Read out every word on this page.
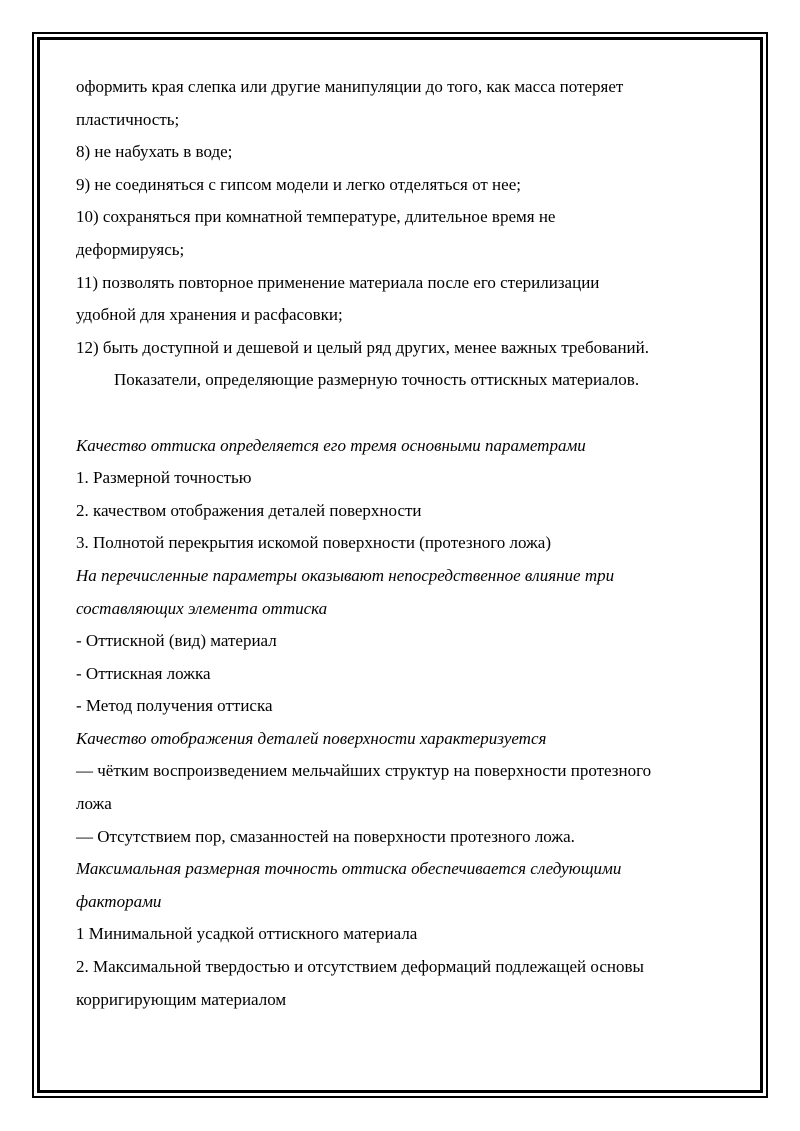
оформить края слепка или другие манипуляции до того, как масса потеряет

пластичность;

8) не набухать в воде;

9) не соединяться с гипсом модели и легко отделяться от нее;

10) сохраняться при комнатной температуре, длительное время не

деформируясь;

11) позволять повторное применение материала после его стерилизации

удобной для хранения и расфасовки;

12) быть доступной и дешевой и целый ряд других, менее важных требований.

Показатели, определяющие размерную точность оттискных материалов.

Качество оттиска определяется его тремя основными параметрами

1. Размерной точностью

2. качеством отображения деталей поверхности

3. Полнотой перекрытия искомой поверхности (протезного ложа)

На перечисленные параметры оказывают непосредственное влияние три

составляющих элемента оттиска

- Оттискной (вид) материал

- Оттискная ложка

- Метод получения оттиска

Качество отображения деталей поверхности характеризуется

— чётким воспроизведением мельчайших структур на поверхности протезного

ложа

— Отсутствием пор, смазанностей на поверхности протезного ложа.

Максимальная размерная точность оттиска обеспечивается следующими

факторами

1 Минимальной усадкой оттискного материала

2. Максимальной твердостью и отсутствием деформаций подлежащей основы

корригирующим материалом
